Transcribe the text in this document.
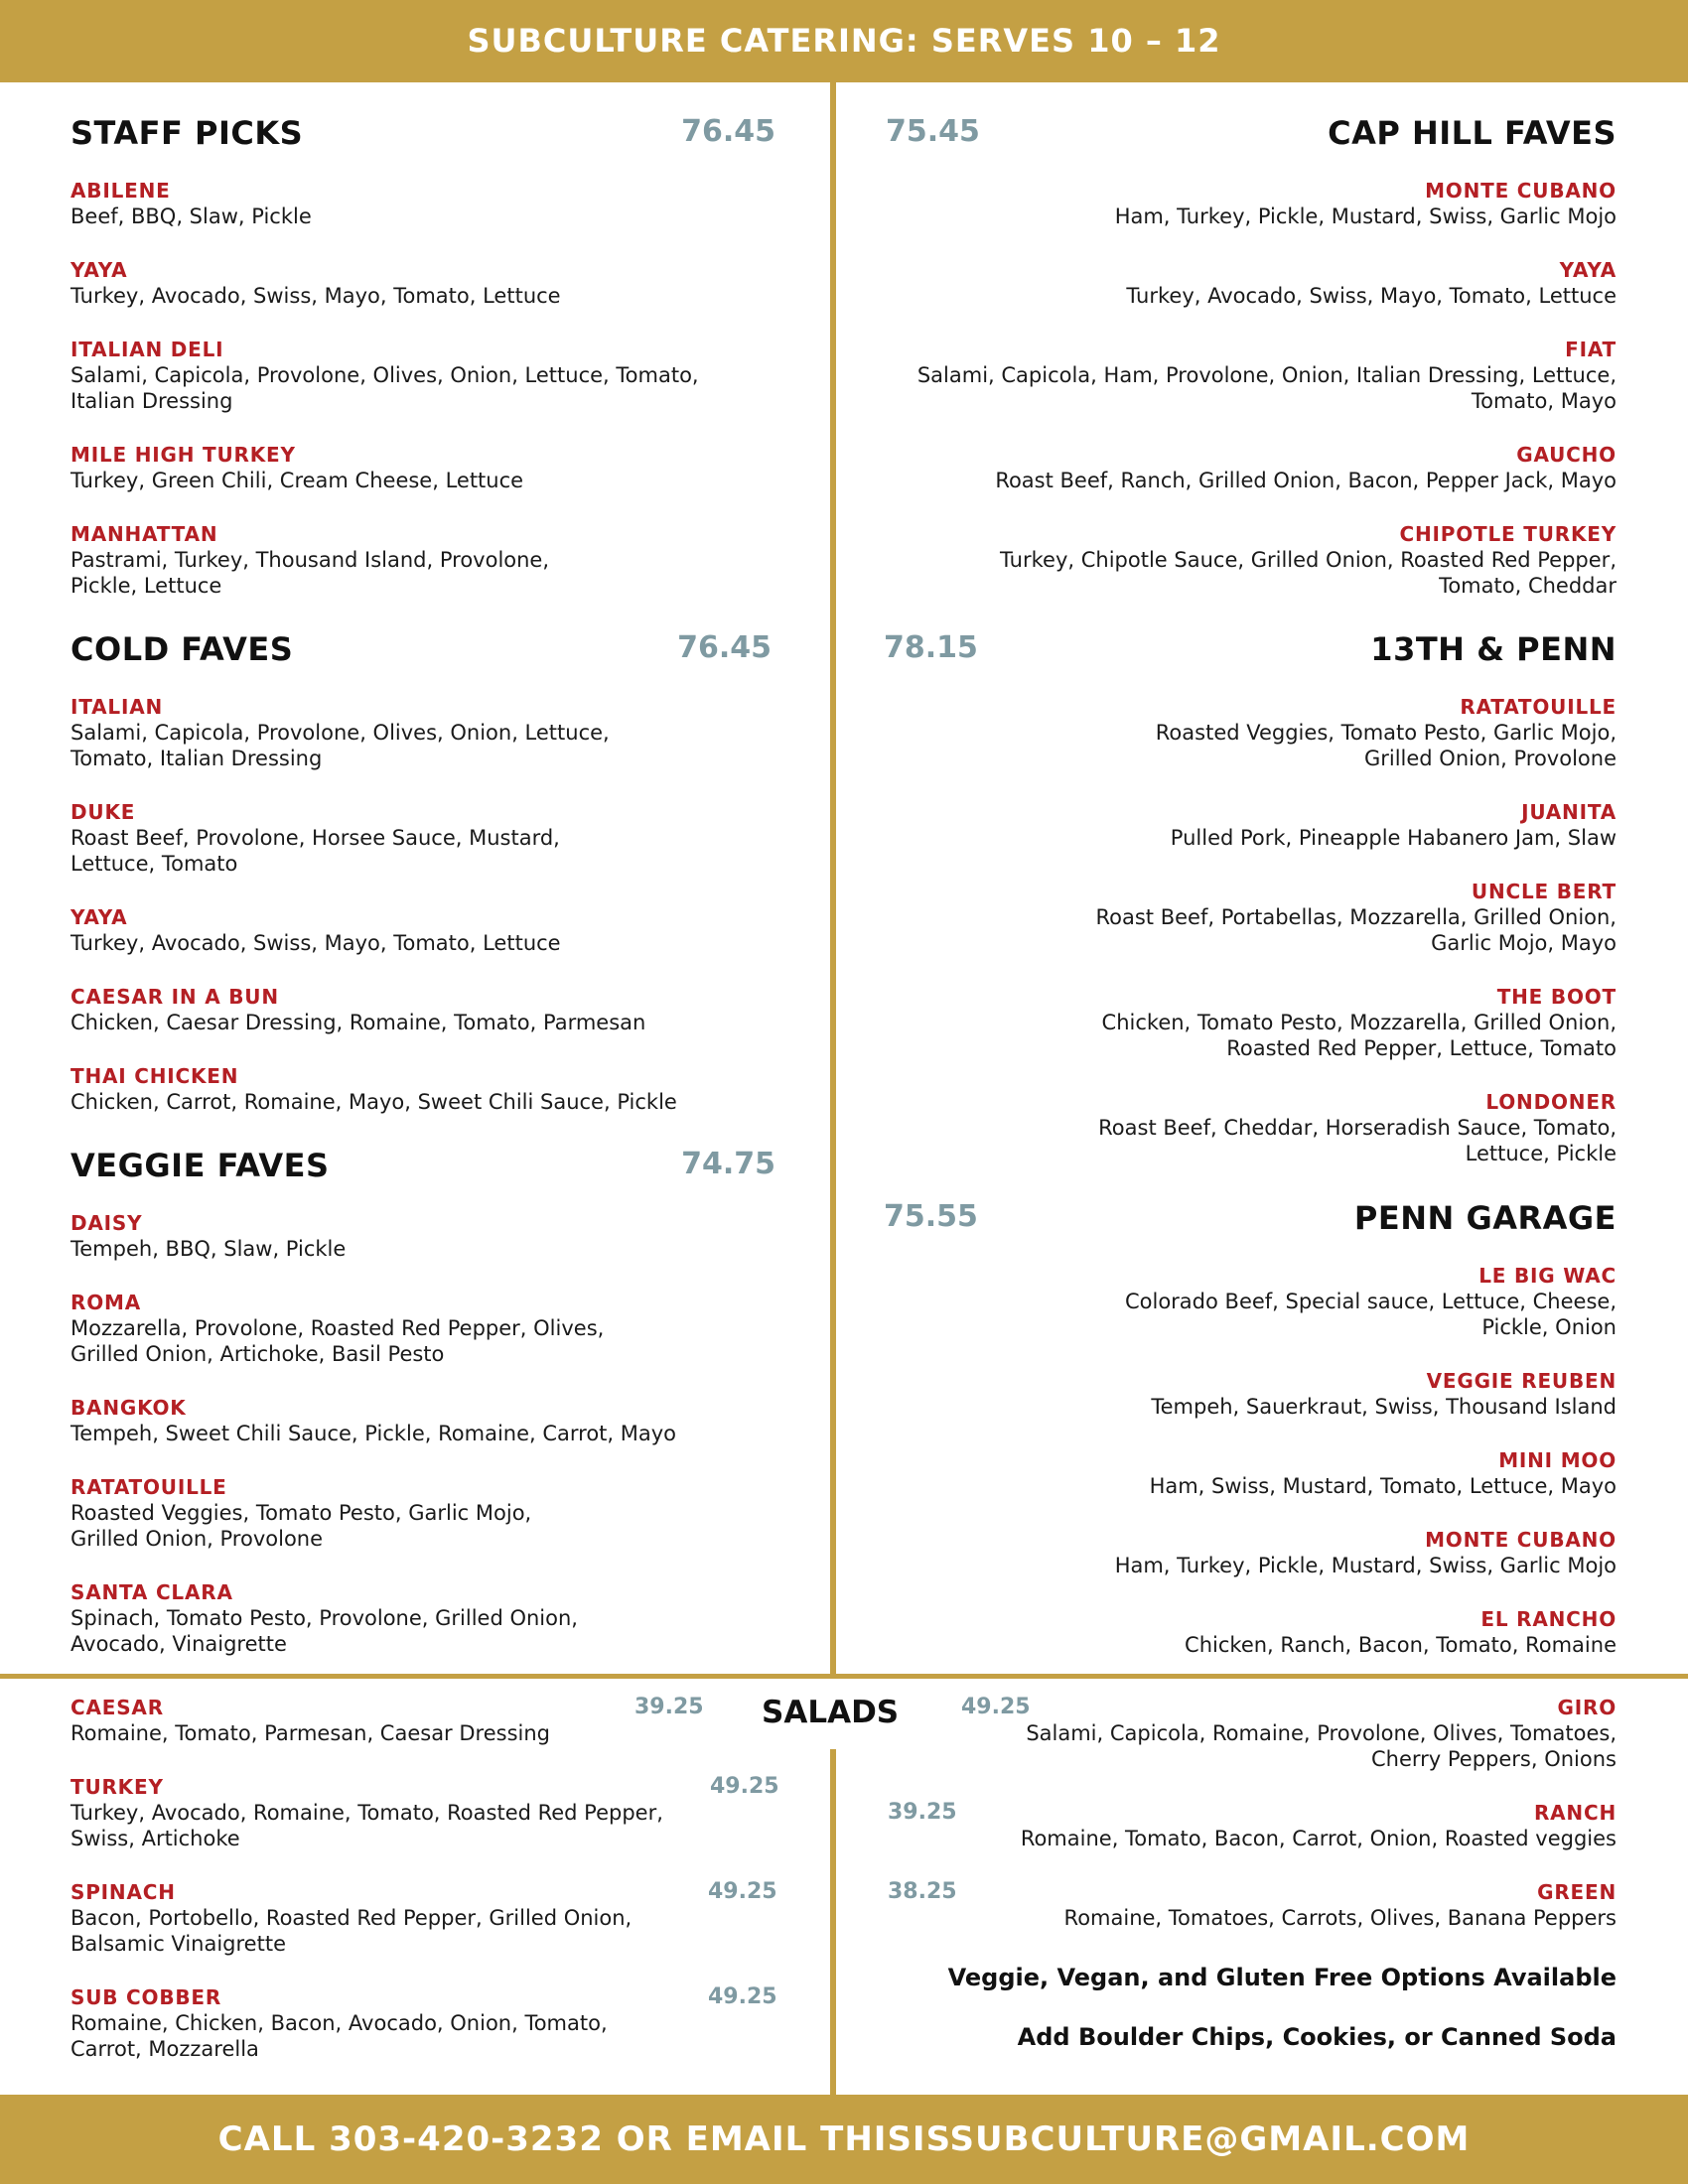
SUBCULTURE CATERING: SERVES 10 – 12
STAFF PICKS	76.45
ABILENE
Beef, BBQ, Slaw, Pickle
YAYA
Turkey, Avocado, Swiss, Mayo, Tomato, Lettuce
ITALIAN DELI
Salami, Capicola, Provolone, Olives, Onion, Lettuce, Tomato,
Italian Dressing
MILE HIGH TURKEY
Turkey, Green Chili, Cream Cheese, Lettuce
MANHATTAN
Pastrami, Turkey, Thousand Island, Provolone,
Pickle, Lettuce
COLD FAVES	76.45
ITALIAN
Salami, Capicola, Provolone, Olives, Onion, Lettuce,
Tomato, Italian Dressing
DUKE
Roast Beef, Provolone, Horsee Sauce, Mustard,
Lettuce, Tomato
YAYA
Turkey, Avocado, Swiss, Mayo, Tomato, Lettuce
CAESAR IN A BUN
Chicken, Caesar Dressing, Romaine, Tomato, Parmesan
THAI CHICKEN
Chicken, Carrot, Romaine, Mayo, Sweet Chili Sauce, Pickle
VEGGIE FAVES	74.75
DAISY
Tempeh, BBQ, Slaw, Pickle
ROMA
Mozzarella, Provolone, Roasted Red Pepper, Olives,
Grilled Onion, Artichoke, Basil Pesto
BANGKOK
Tempeh, Sweet Chili Sauce, Pickle, Romaine, Carrot, Mayo
RATATOUILLE
Roasted Veggies, Tomato Pesto, Garlic Mojo,
Grilled Onion, Provolone
SANTA CLARA
Spinach, Tomato Pesto, Provolone, Grilled Onion,
Avocado, Vinaigrette
75.45	CAP HILL FAVES
MONTE CUBANO
Ham, Turkey, Pickle, Mustard, Swiss, Garlic Mojo
YAYA
Turkey, Avocado, Swiss, Mayo, Tomato, Lettuce
FIAT
Salami, Capicola, Ham, Provolone, Onion, Italian Dressing, Lettuce,
Tomato, Mayo
GAUCHO
Roast Beef, Ranch, Grilled Onion, Bacon, Pepper Jack, Mayo
CHIPOTLE TURKEY
Turkey, Chipotle Sauce, Grilled Onion, Roasted Red Pepper,
Tomato, Cheddar
78.15	13TH & PENN
RATATOUILLE
Roasted Veggies, Tomato Pesto, Garlic Mojo,
Grilled Onion, Provolone
JUANITA
Pulled Pork, Pineapple Habanero Jam, Slaw
UNCLE BERT
Roast Beef, Portabellas, Mozzarella, Grilled Onion,
Garlic Mojo, Mayo
THE BOOT
Chicken, Tomato Pesto, Mozzarella, Grilled Onion,
Roasted Red Pepper, Lettuce, Tomato
LONDONER
Roast Beef, Cheddar, Horseradish Sauce, Tomato,
Lettuce, Pickle
75.55	PENN GARAGE
LE BIG WAC
Colorado Beef, Special sauce, Lettuce, Cheese,
Pickle, Onion
VEGGIE REUBEN
Tempeh, Sauerkraut, Swiss, Thousand Island
MINI MOO
Ham, Swiss, Mustard, Tomato, Lettuce, Mayo
MONTE CUBANO
Ham, Turkey, Pickle, Mustard, Swiss, Garlic Mojo
EL RANCHO
Chicken, Ranch, Bacon, Tomato, Romaine
SALADS
CAESAR
Romaine, Tomato, Parmesan, Caesar Dressing
39.25
TURKEY
Turkey, Avocado, Romaine, Tomato, Roasted Red Pepper,
Swiss, Artichoke
49.25
SPINACH
Bacon, Portobello, Roasted Red Pepper, Grilled Onion,
Balsamic Vinaigrette
49.25
SUB COBBER
Romaine, Chicken, Bacon, Avocado, Onion, Tomato,
Carrot, Mozzarella
49.25
49.25	GIRO
Salami, Capicola, Romaine, Provolone, Olives, Tomatoes,
Cherry Peppers, Onions
39.25	RANCH
Romaine, Tomato, Bacon, Carrot, Onion, Roasted veggies
38.25	GREEN
Romaine, Tomatoes, Carrots, Olives, Banana Peppers
Veggie, Vegan, and Gluten Free Options Available
Add Boulder Chips, Cookies, or Canned Soda
CALL 303-420-3232 OR EMAIL THISISSUBCULTURE@GMAIL.COM
